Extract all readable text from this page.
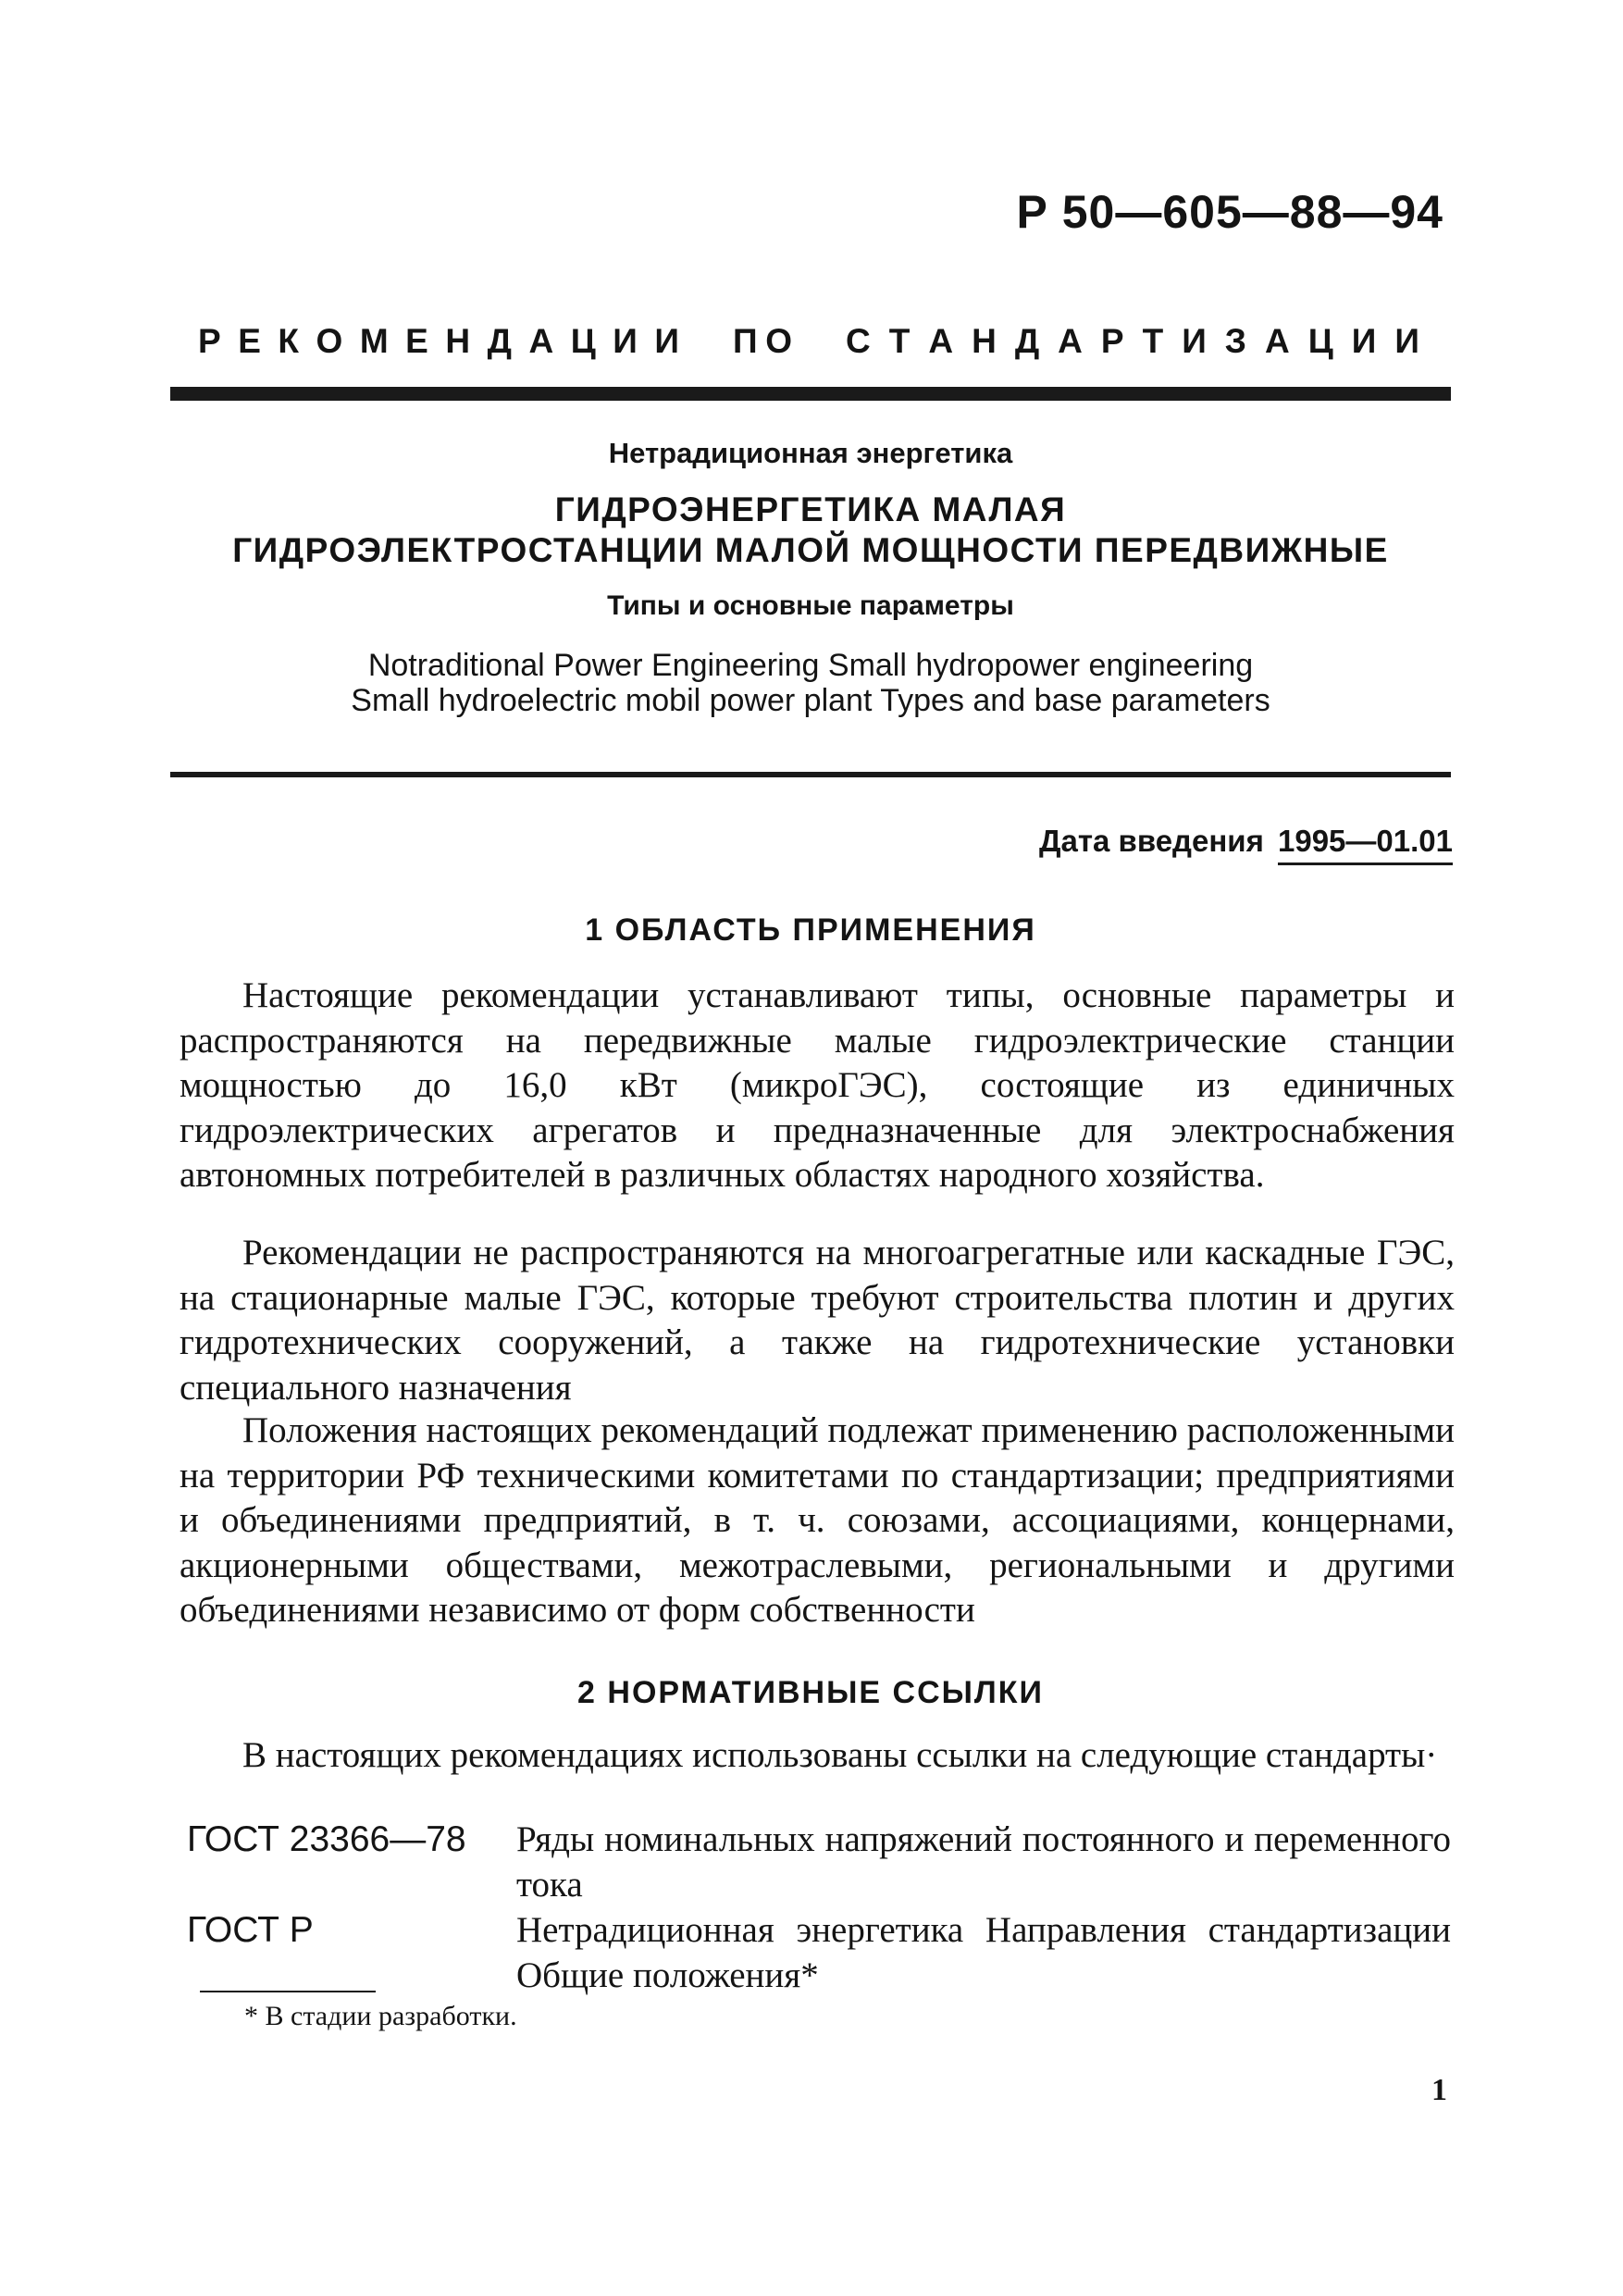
Р 50—605—88—94
Р Е К О М Е Н Д А Ц И И П О С Т А Н Д А Р Т И З А Ц И И
Нетрадиционная энергетика
ГИДРОЭНЕРГЕТИКА МАЛАЯ
ГИДРОЭЛЕКТРОСТАНЦИИ МАЛОЙ МОЩНОСТИ ПЕРЕДВИЖНЫЕ
Типы и основные параметры
Notraditional Power Engineering Small hydropower engineering
Small hydroelectric mobil power plant Types and base parameters
Дата введения 1995—01.01
1 ОБЛАСТЬ ПРИМЕНЕНИЯ

Настоящие рекомендации устанавливают типы, основные параметры и распространяются на передвижные малые гидроэлектрические станции мощностью до 16,0 кВт (микроГЭС), состоящие из единичных гидроэлектрических агрегатов и предназначенные для электроснабжения автономных потребителей в различных областях народного хозяйства.

Рекомендации не распространяются на многоагрегатные или каскадные ГЭС, на стационарные малые ГЭС, которые требуют строительства плотин и других гидротехнических сооружений, а также на гидротехнические установки специального назначения

Положения настоящих рекомендаций подлежат применению расположенными на территории РФ техническими комитетами по стандартизации; предприятиями и объединениями предприятий, в т. ч. союзами, ассоциациями, концернами, акционерными обществами, межотраслевыми, региональными и другими объединениями независимо от форм собственности

2 НОРМАТИВНЫЕ ССЫЛКИ

В настоящих рекомендациях использованы ссылки на следующие стандарты·

ГОСТ 23366—78	Ряды номинальных напряжений постоянного и переменного тока
ГОСТ Р	Нетрадиционная энергетика Направления стандартизации Общие положения*
* В стадии разработки.
1
